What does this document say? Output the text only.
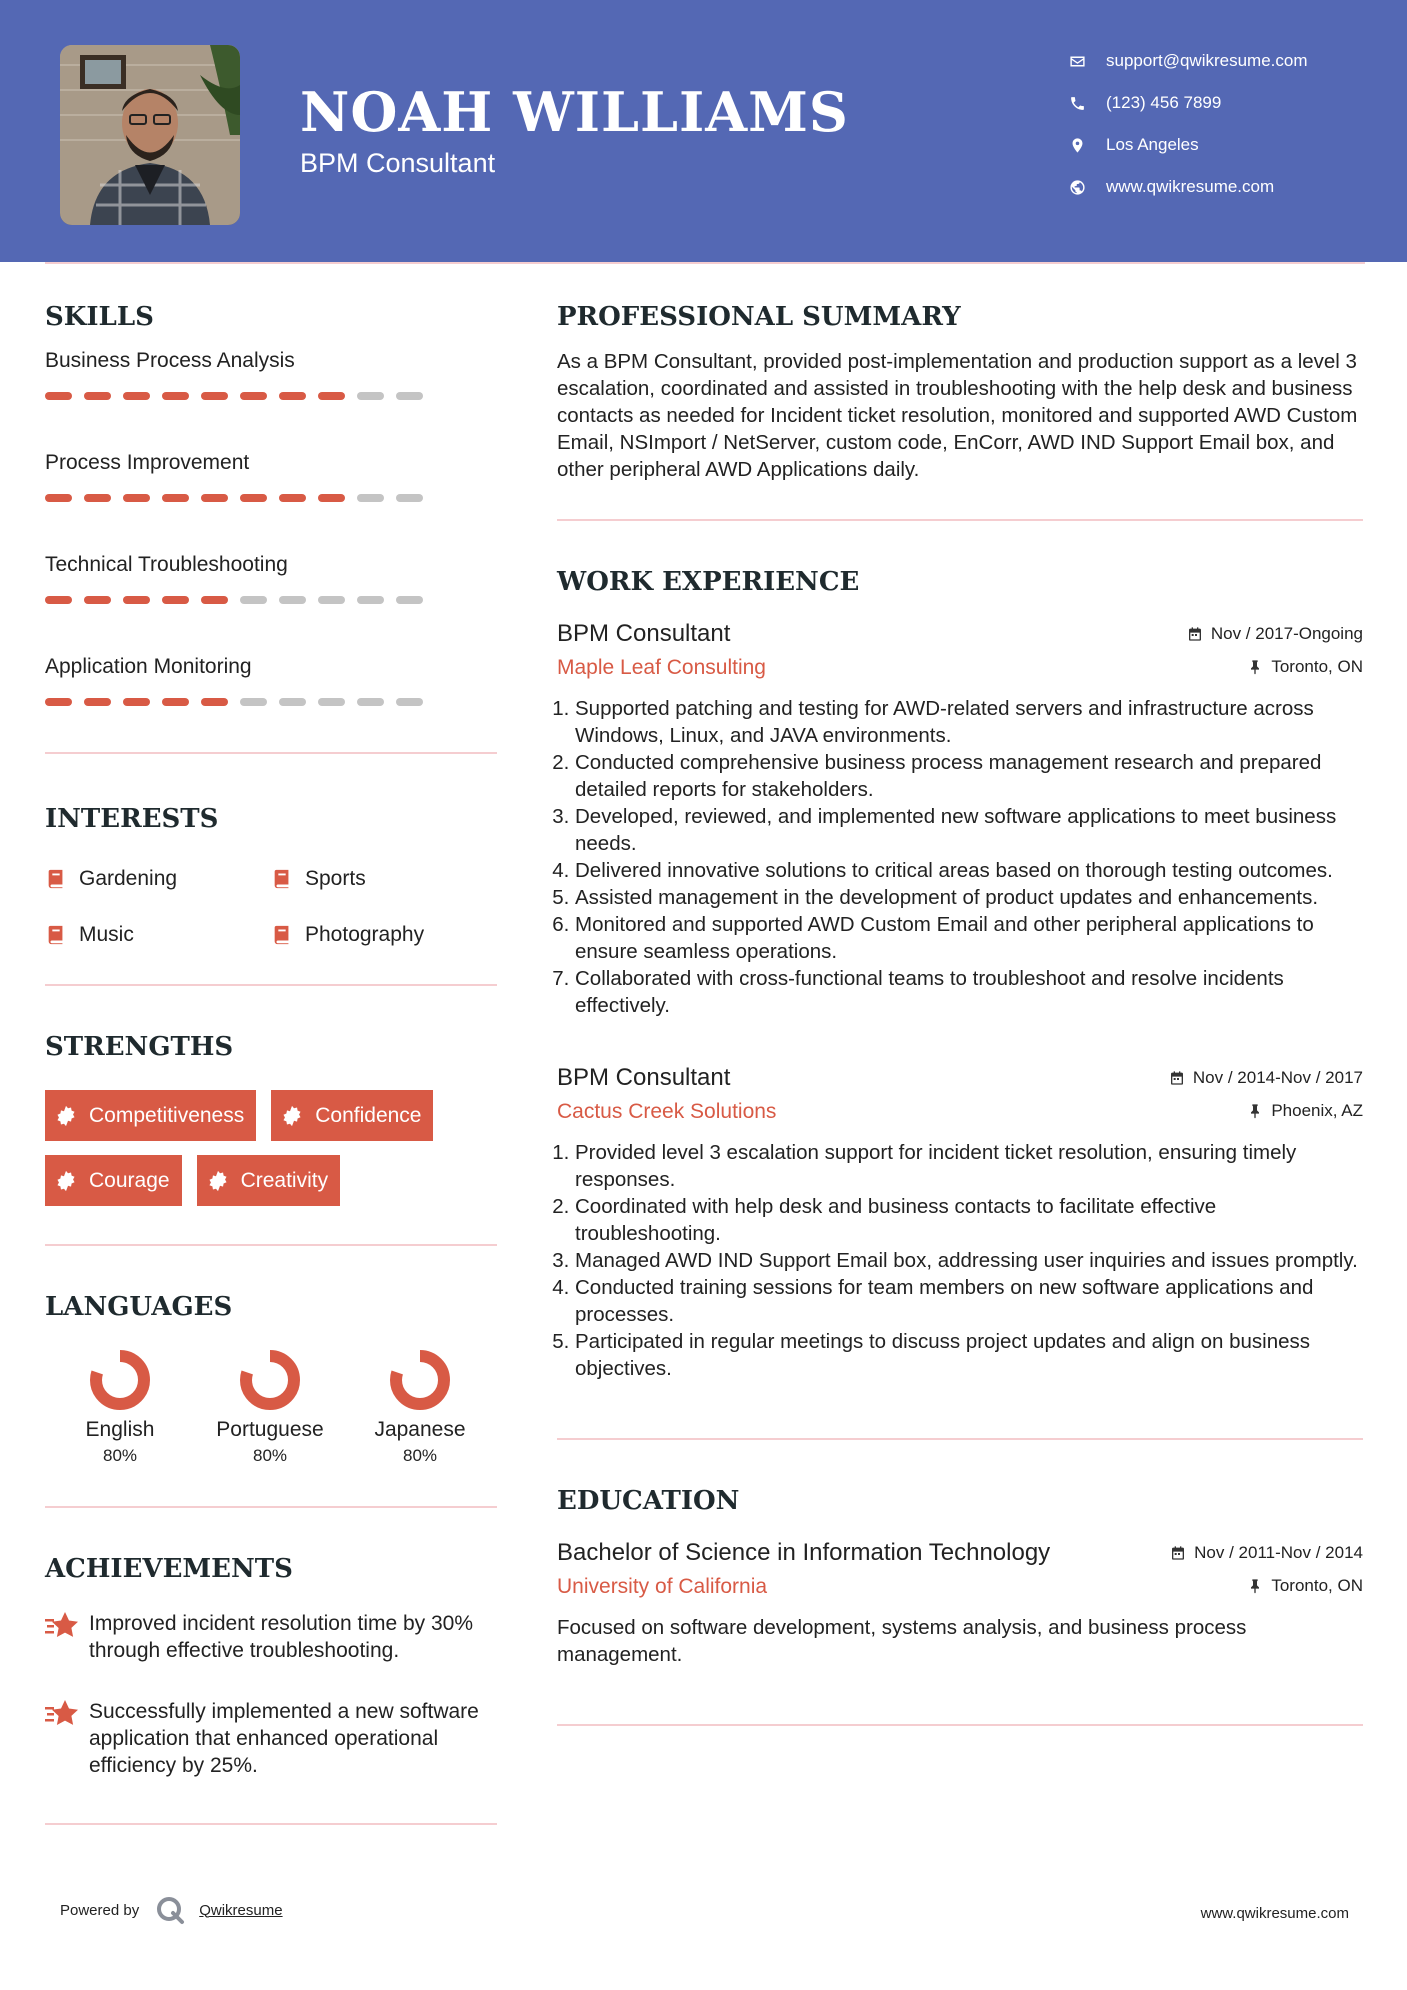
NOAH WILLIAMS
BPM Consultant
support@qwikresume.com
(123) 456 7899
Los Angeles
www.qwikresume.com
SKILLS
Business Process Analysis
Process Improvement
Technical Troubleshooting
Application Monitoring
INTERESTS
Gardening	Sports
Music	Photography
STRENGTHS
Competitiveness	Confidence
Courage	Creativity
LANGUAGES
English
80%
Portuguese
80%
Japanese
80%
ACHIEVEMENTS
Improved incident resolution time by 30% through effective troubleshooting.
Successfully implemented a new software application that enhanced operational efficiency by 25%.
PROFESSIONAL SUMMARY
As a BPM Consultant, provided post-implementation and production support as a level 3 escalation, coordinated and assisted in troubleshooting with the help desk and business contacts as needed for Incident ticket resolution, monitored and supported AWD Custom Email, NSImport / NetServer, custom code, EnCorr, AWD IND Support Email box, and other peripheral AWD Applications daily.
WORK EXPERIENCE
BPM Consultant
Maple Leaf Consulting
Nov / 2017-Ongoing
Toronto, ON
1. Supported patching and testing for AWD-related servers and infrastructure across Windows, Linux, and JAVA environments.
2. Conducted comprehensive business process management research and prepared detailed reports for stakeholders.
3. Developed, reviewed, and implemented new software applications to meet business needs.
4. Delivered innovative solutions to critical areas based on thorough testing outcomes.
5. Assisted management in the development of product updates and enhancements.
6. Monitored and supported AWD Custom Email and other peripheral applications to ensure seamless operations.
7. Collaborated with cross-functional teams to troubleshoot and resolve incidents effectively.
BPM Consultant
Cactus Creek Solutions
Nov / 2014-Nov / 2017
Phoenix, AZ
1. Provided level 3 escalation support for incident ticket resolution, ensuring timely responses.
2. Coordinated with help desk and business contacts to facilitate effective troubleshooting.
3. Managed AWD IND Support Email box, addressing user inquiries and issues promptly.
4. Conducted training sessions for team members on new software applications and processes.
5. Participated in regular meetings to discuss project updates and align on business objectives.
EDUCATION
Bachelor of Science in Information Technology
University of California
Nov / 2011-Nov / 2014
Toronto, ON
Focused on software development, systems analysis, and business process management.
Powered by	Qwikresume	www.qwikresume.com
